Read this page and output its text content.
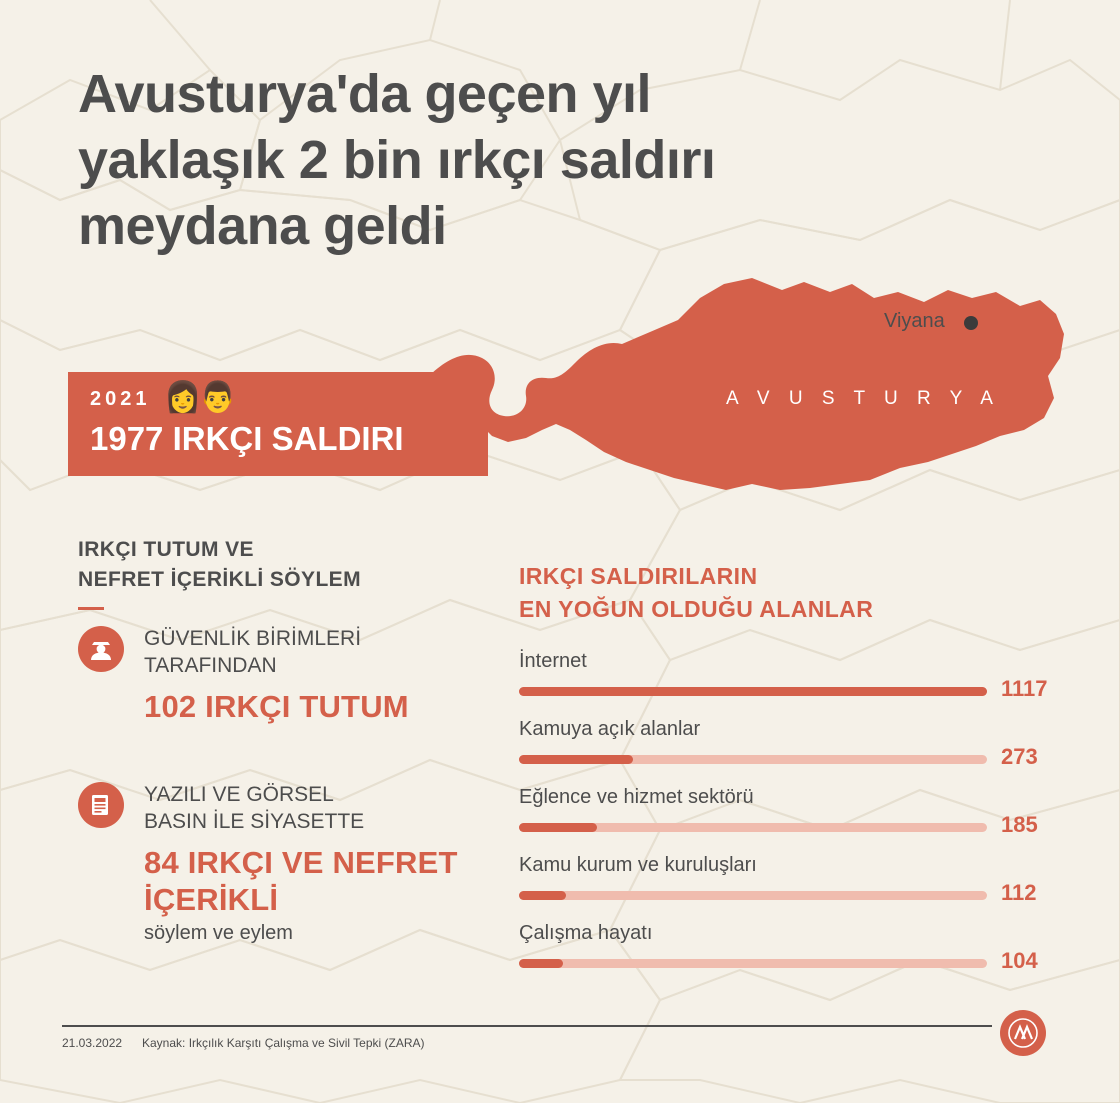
Avusturya'da geçen yıl
yaklaşık 2 bin ırkçı saldırı
meydana geldi
A V U S T U R Y A
Viyana
2021 👩👨
1977 IRKÇI SALDIRI
IRKÇI TUTUM VE
NEFRET İÇERİKLİ SÖYLEM
GÜVENLİK BİRİMLERİ
TARAFINDAN
102 IRKÇI TUTUM
YAZILI VE GÖRSEL
BASIN İLE SİYASETTE
84 IRKÇI VE NEFRET İÇERİKLİ
söylem ve eylem
IRKÇI SALDIRILARIN
EN YOĞUN OLDUĞU ALANLAR
İnternet
1117
Kamuya açık alanlar
273
Eğlence ve hizmet sektörü
185
Kamu kurum ve kuruluşları
112
Çalışma hayatı
104
21.03.2022 Kaynak: Irkçılık Karşıtı Çalışma ve Sivil Tepki (ZARA)
